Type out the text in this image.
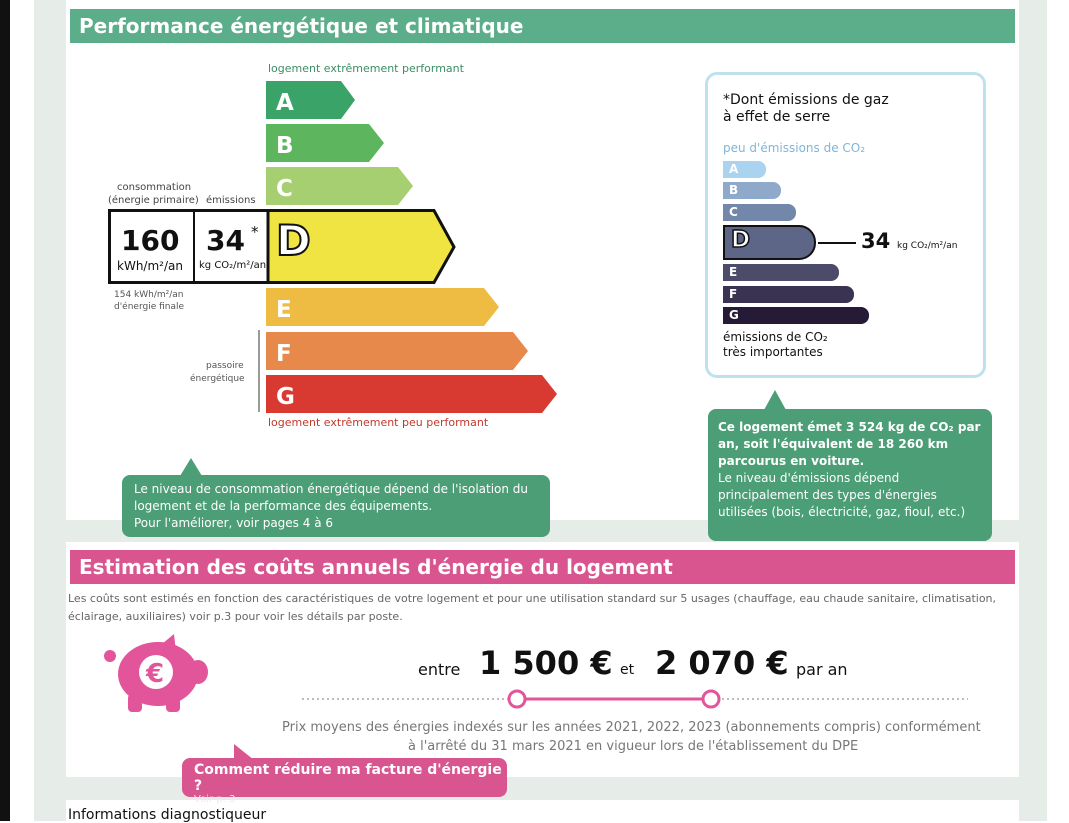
Performance énergétique et climatique
logement extrêmement performant
A
B
C
E
F
G
160
kWh/m²/an
34 *
kg CO₂/m²/an
D
consommation
(énergie primaire) émissions
154 kWh/m²/an
d'énergie finale
passoire
énergétique
logement extrêmement peu performant
Le niveau de consommation énergétique dépend de l'isolation du
logement et de la performance des équipements.
Pour l'améliorer, voir pages 4 à 6
*Dont émissions de gaz
à effet de serre
peu d'émissions de CO₂
A
B
C
D	34 kg CO₂/m²/an
E
F
G
émissions de CO₂
très importantes
Ce logement émet 3 524 kg de CO₂ par
an, soit l'équivalent de 18 260 km
parcourus en voiture.
Le niveau d'émissions dépend
principalement des types d'énergies
utilisées (bois, électricité, gaz, fioul, etc.)
Estimation des coûts annuels d'énergie du logement
Les coûts sont estimés en fonction des caractéristiques de votre logement et pour une utilisation standard sur 5 usages (chauffage, eau chaude sanitaire, climatisation,
éclairage, auxiliaires) voir p.3 pour voir les détails par poste.
€	entre 1 500 € et 2 070 € par an
Prix moyens des énergies indexés sur les années 2021, 2022, 2023 (abonnements compris) conformément
à l'arrêté du 31 mars 2021 en vigueur lors de l'établissement du DPE
Comment réduire ma facture d'énergie ?
Voir p. 3
Informations diagnostiqueur
